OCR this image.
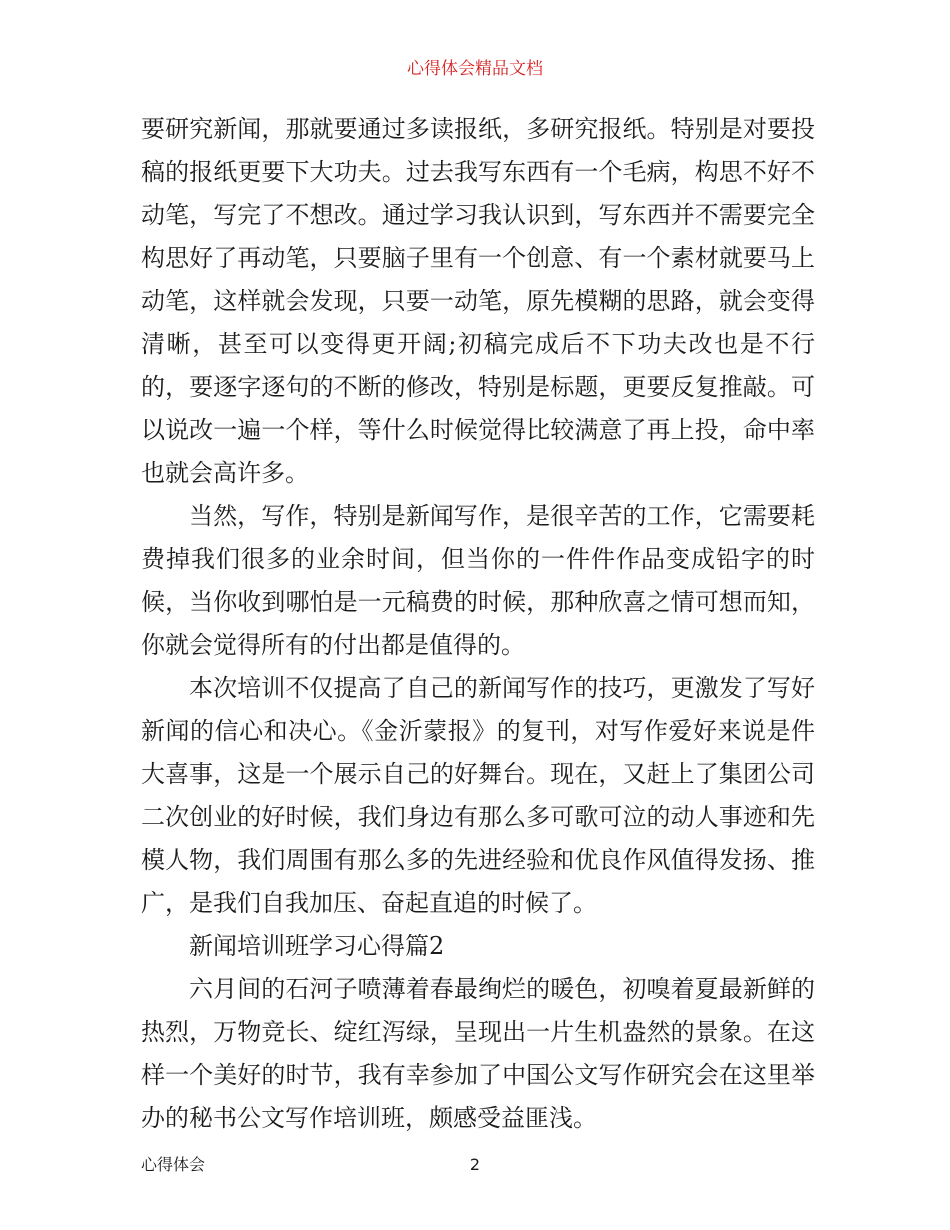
心得体会精品文档

要研究新闻，那就要通过多读报纸，多研究报纸。特别是对要投稿的报纸更要下大功夫。过去我写东西有一个毛病，构思不好不动笔，写完了不想改。通过学习我认识到，写东西并不需要完全构思好了再动笔，只要脑子里有一个创意、有一个素材就要马上动笔，这样就会发现，只要一动笔，原先模糊的思路，就会变得清晰，甚至可以变得更开阔;初稿完成后不下功夫改也是不行的，要逐字逐句的不断的修改，特别是标题，更要反复推敲。可以说改一遍一个样，等什么时候觉得比较满意了再上投，命中率也就会高许多。

当然，写作，特别是新闻写作，是很辛苦的工作，它需要耗费掉我们很多的业余时间，但当你的一件件作品变成铅字的时候，当你收到哪怕是一元稿费的时候，那种欣喜之情可想而知，你就会觉得所有的付出都是值得的。

本次培训不仅提高了自己的新闻写作的技巧，更激发了写好新闻的信心和决心。《金沂蒙报》的复刊，对写作爱好来说是件大喜事，这是一个展示自己的好舞台。现在，又赶上了集团公司二次创业的好时候，我们身边有那么多可歌可泣的动人事迹和先模人物，我们周围有那么多的先进经验和优良作风值得发扬、推广，是我们自我加压、奋起直追的时候了。

新闻培训班学习心得篇2

六月间的石河子喷薄着春最绚烂的暖色，初嗅着夏最新鲜的热烈，万物竞长、绽红泻绿，呈现出一片生机盎然的景象。在这样一个美好的时节，我有幸参加了中国公文写作研究会在这里举办的秘书公文写作培训班，颇感受益匪浅。

心得体会	2
